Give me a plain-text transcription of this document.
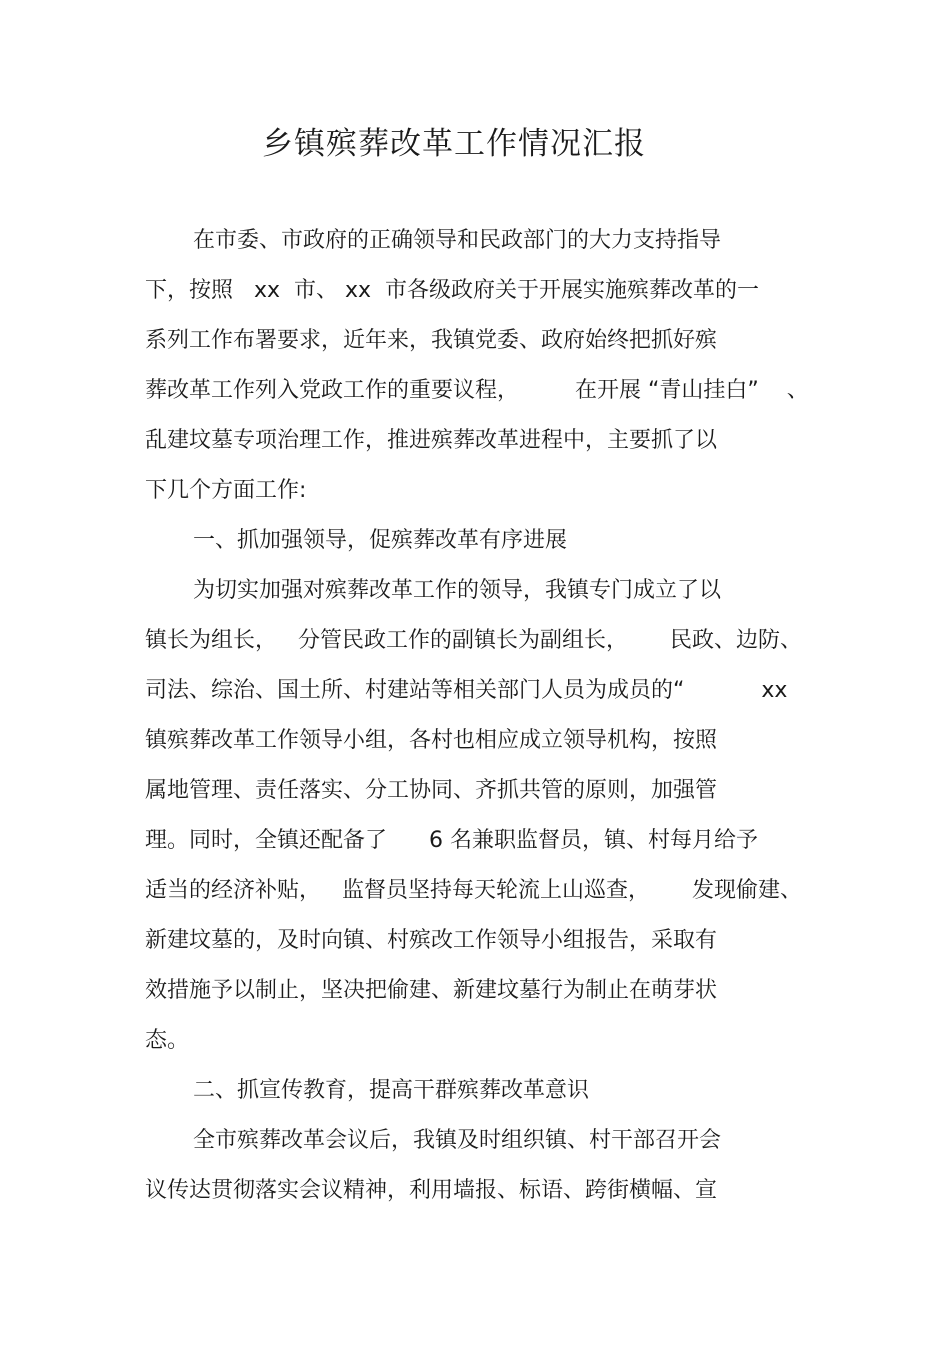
乡镇殡葬改革工作情况汇报

在市委、市政府的正确领导和民政部门的大力支持指导

下，按照   xx  市、 xx  市各级政府关于开展实施殡葬改革的一

系列工作布署要求，近年来，我镇党委、政府始终把抓好殡

葬改革工作列入党政工作的重要议程，        在开展 “青山挂白”    、

乱建坟墓专项治理工作，推进殡葬改革进程中，主要抓了以

下几个方面工作:

一、抓加强领导，促殡葬改革有序进展

为切实加强对殡葬改革工作的领导，我镇专门成立了以

镇长为组长，   分管民政工作的副镇长为副组长，      民政、边防、

司法、综治、国土所、村建站等相关部门人员为成员的“           xx

镇殡葬改革工作领导小组，各村也相应成立领导机构，按照

属地管理、责任落实、分工协同、齐抓共管的原则，加强管

理。同时，全镇还配备了      6 名兼职监督员，镇、村每月给予

适当的经济补贴，   监督员坚持每天轮流上山巡查，      发现偷建、

新建坟墓的，及时向镇、村殡改工作领导小组报告，采取有

效措施予以制止，坚决把偷建、新建坟墓行为制止在萌芽状

态。

二、抓宣传教育，提高干群殡葬改革意识

全市殡葬改革会议后，我镇及时组织镇、村干部召开会

议传达贯彻落实会议精神，利用墙报、标语、跨街横幅、宣
